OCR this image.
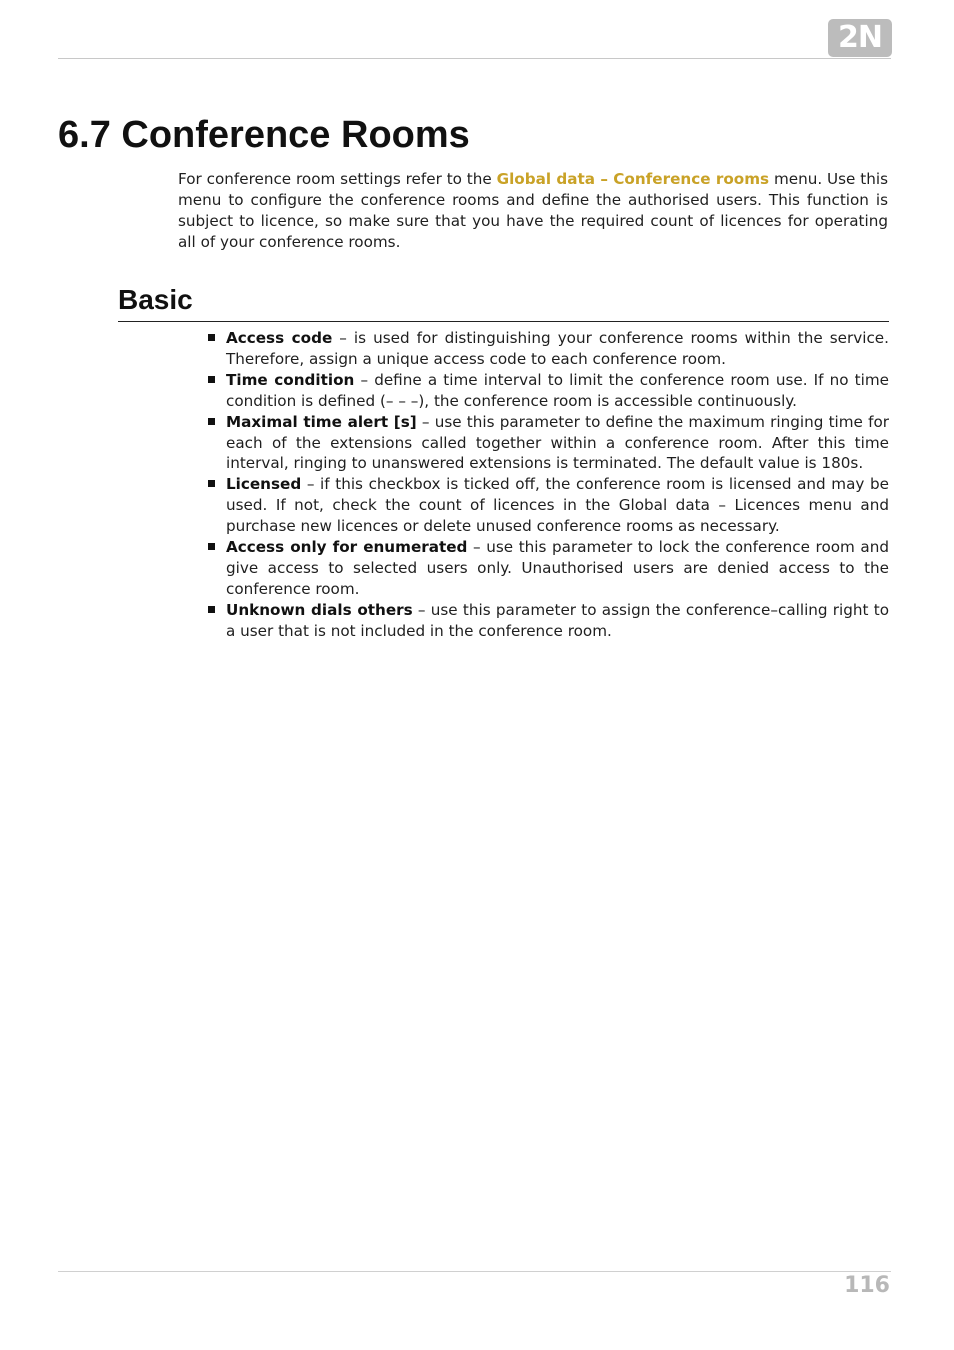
2N
6.7 Conference Rooms

For conference room settings refer to the Global data – Conference rooms menu. Use this menu to configure the conference rooms and define the authorised users. This function is subject to licence, so make sure that you have the required count of licences for operating all of your conference rooms.

Basic
Access code – is used for distinguishing your conference rooms within the service. Therefore, assign a unique access code to each conference room.
Time condition – define a time interval to limit the conference room use. If no time condition is defined (– – –), the conference room is accessible continuously.
Maximal time alert [s] – use this parameter to define the maximum ringing time for each of the extensions called together within a conference room. After this time interval, ringing to unanswered extensions is terminated. The default value is 180s.
Licensed – if this checkbox is ticked off, the conference room is licensed and may be used. If not, check the count of licences in the Global data – Licences menu and purchase new licences or delete unused conference rooms as necessary.
Access only for enumerated – use this parameter to lock the conference room and give access to selected users only. Unauthorised users are denied access to the conference room.
Unknown dials others – use this parameter to assign the conference–calling right to a user that is not included in the conference room.
116
